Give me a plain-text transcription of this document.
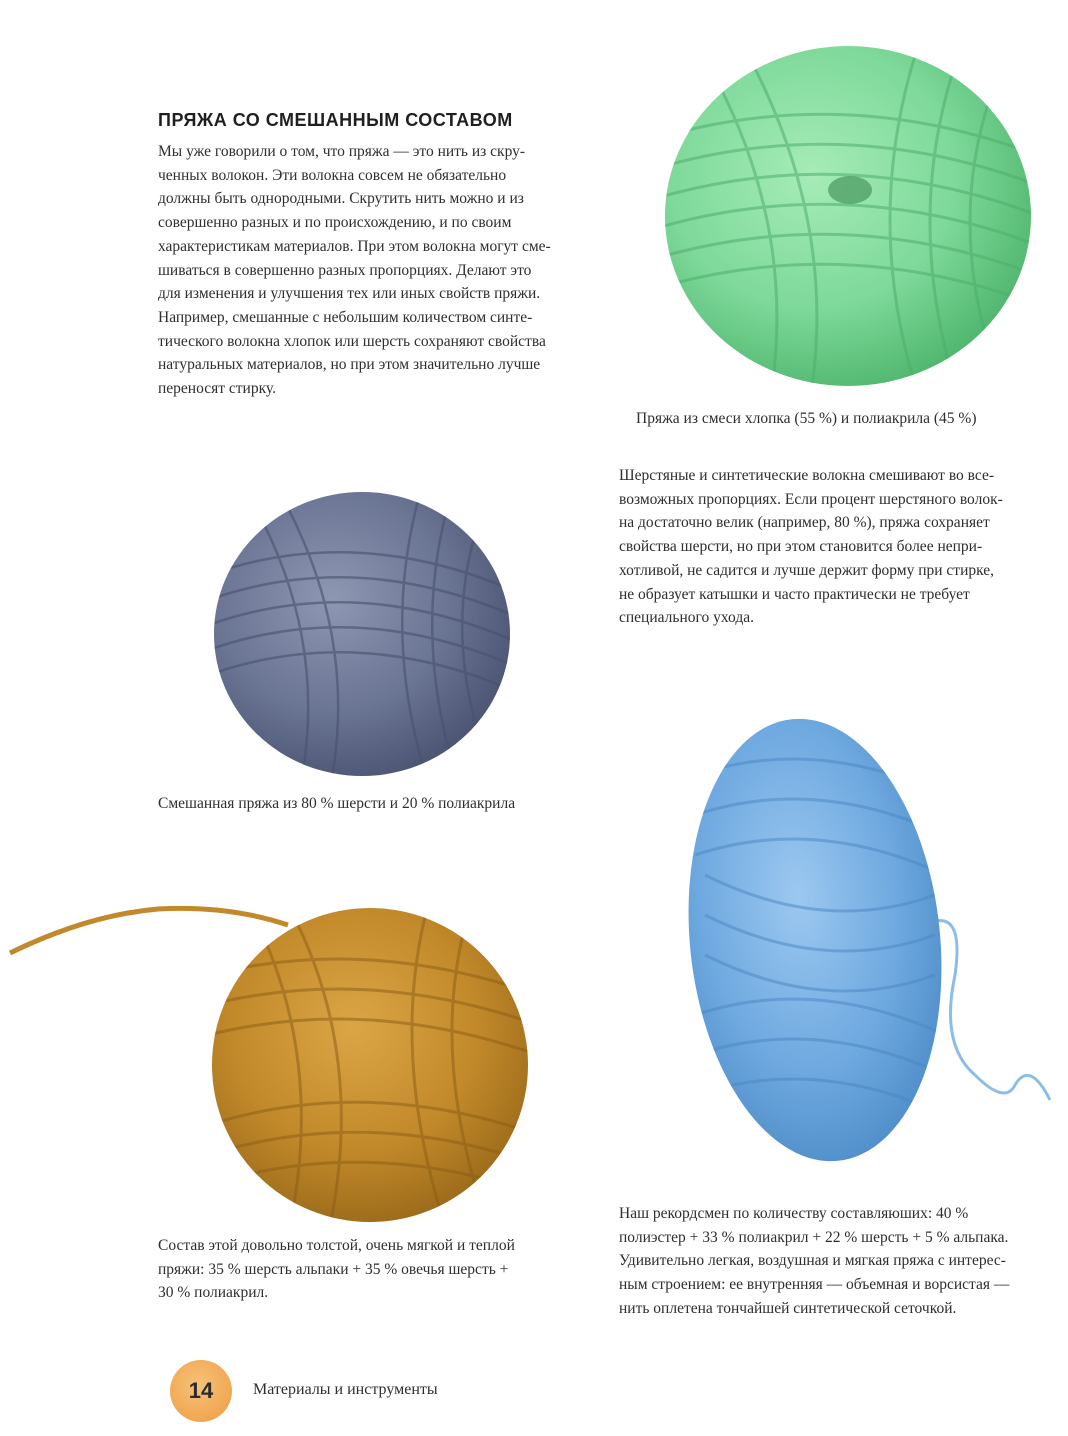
ПРЯЖА СО СМЕШАННЫМ СОСТАВОМ
Мы уже говорили о том, что пряжа — это нить из скру-
ченных волокон. Эти волокна совсем не обязательно
должны быть однородными. Скрутить нить можно и из
совершенно разных и по происхождению, и по своим
характеристикам материалов. При этом волокна могут сме-
шиваться в совершенно разных пропорциях. Делают это
для изменения и улучшения тех или иных свойств пряжи.
Например, смешанные с небольшим количеством синте-
тического волокна хлопок или шерсть сохраняют свойства
натуральных материалов, но при этом значительно лучше
переносят стирку.

Пряжа из смеси хлопка (55 %) и полиакрила (45 %)

Шерстяные и синтетические волокна смешивают во все-
возможных пропорциях. Если процент шерстяного волок-
на достаточно велик (например, 80 %), пряжа сохраняет
свойства шерсти, но при этом становится более непри-
хотливой, не садится и лучше держит форму при стирке,
не образует катышки и часто практически не требует
специального ухода.

Смешанная пряжа из 80 % шерсти и 20 % полиакрила

Наш рекордсмен по количеству составляюших: 40 %
полиэстер + 33 % полиакрил + 22 % шерсть + 5 % альпака.
Удивительно легкая, воздушная и мягкая пряжа с интерес-
ным строением: ее внутренняя — объемная и ворсистая —
нить оплетена тончайшей синтетической сеточкой.

Состав этой довольно толстой, очень мягкой и теплой
пряжи: 35 % шерсть альпаки + 35 % овечья шерсть +
30 % полиакрил.

14 Материалы и инструменты
